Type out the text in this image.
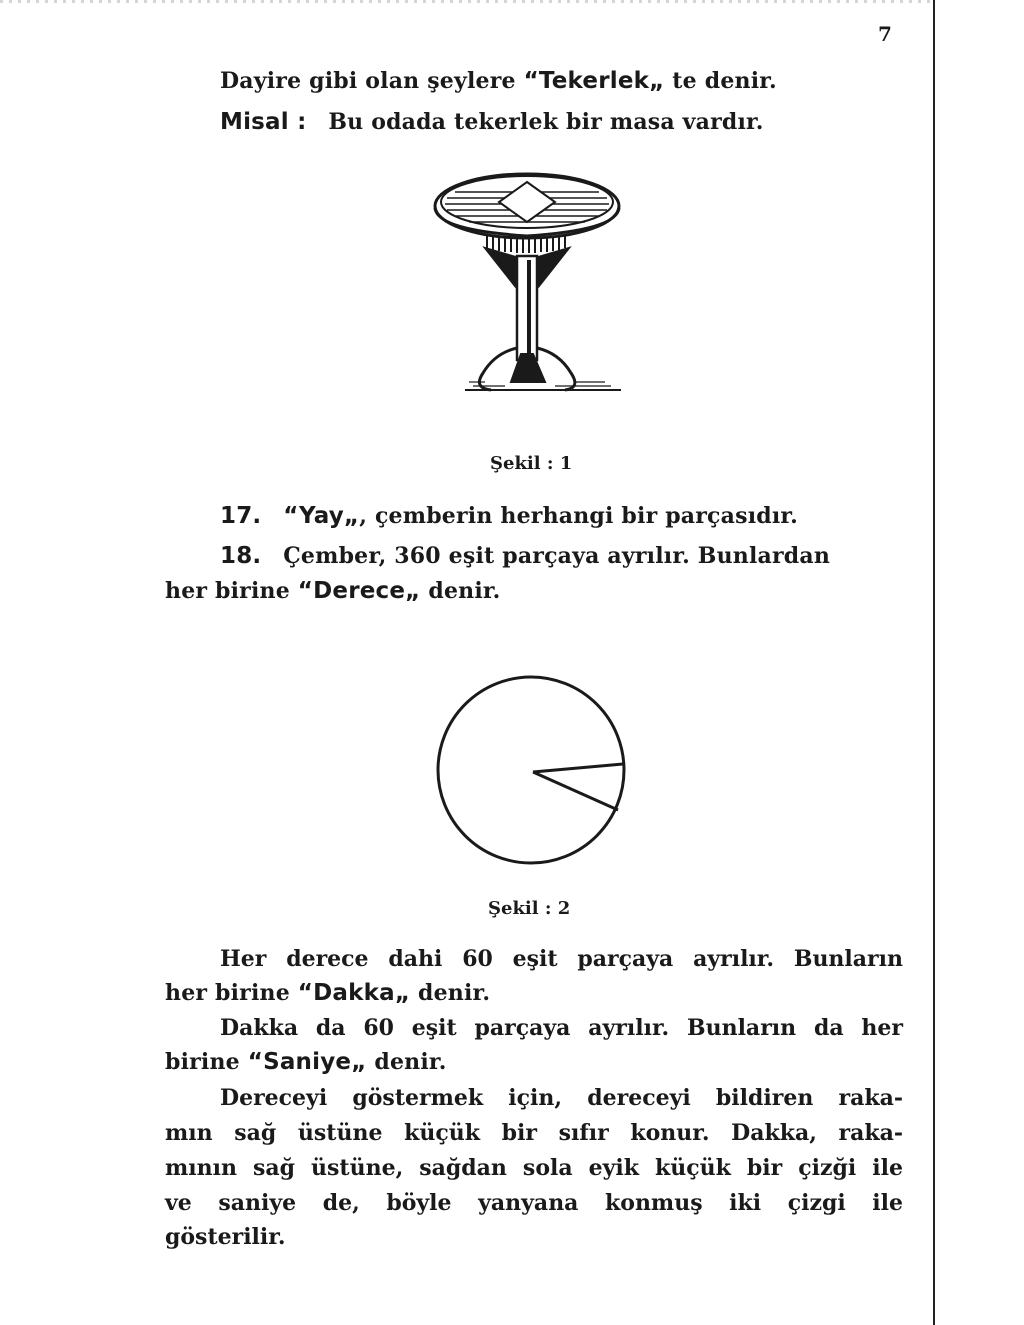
7
Dayire gibi olan şeylere “Tekerlek„ te denir.
Misal : Bu odada tekerlek bir masa vardır.
Şekil : 1
17. “Yay„, çemberin herhangi bir parçasıdır.
18. Çember, 360 eşit parçaya ayrılır. Bunlardan
her birine “Derece„ denir.
Şekil : 2
Her derece dahi 60 eşit parçaya ayrılır. Bunların
her birine “Dakka„ denir.
Dakka da 60 eşit parçaya ayrılır. Bunların da her
birine “Saniye„ denir.
Dereceyi göstermek için, dereceyi bildiren raka-
mın sağ üstüne küçük bir sıfır konur. Dakka, raka-
mının sağ üstüne, sağdan sola eyik küçük bir çizği ile
ve saniye de, böyle yanyana konmuş iki çizgi ile
gösterilir.
